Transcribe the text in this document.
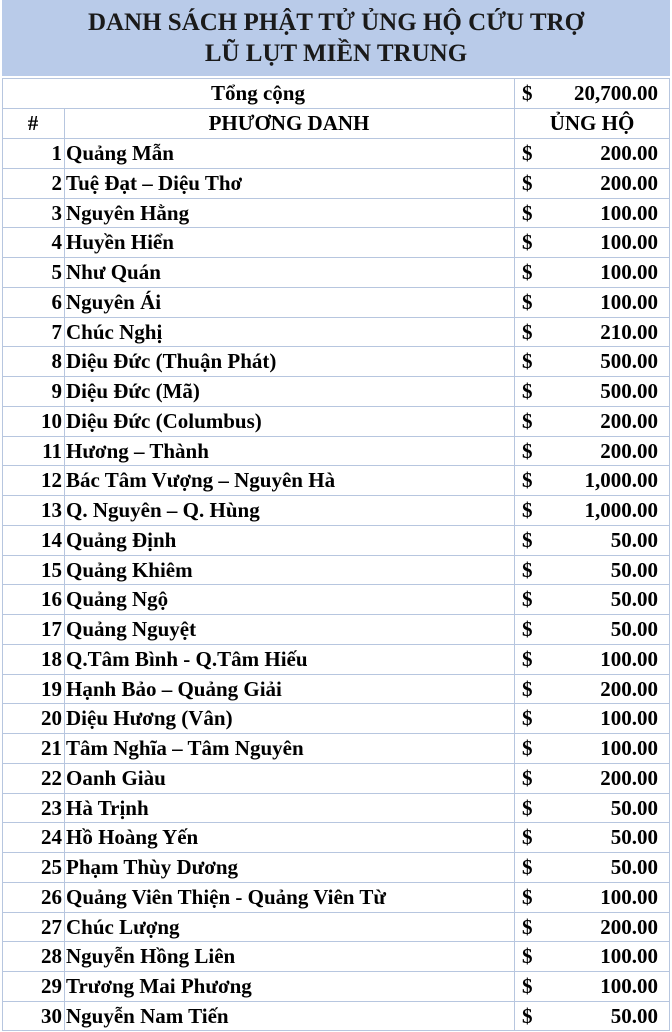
DANH SÁCH PHẬT TỬ ỦNG HỘ CỨU TRỢ
LŨ LỤT MIỀN TRUNG
Tổng cộng	$	20,700.00
#	PHƯƠNG DANH	ỦNG HỘ
1 Quảng Mẫn	$	200.00
2 Tuệ Đạt – Diệu Thơ	$	200.00
3 Nguyên Hằng	$	100.00
4 Huyền Hiển	$	100.00
5 Như Quán	$	100.00
6 Nguyên Ái	$	100.00
7 Chúc Nghị	$	210.00
8 Diệu Đức (Thuận Phát)	$	500.00
9 Diệu Đức (Mã)	$	500.00
10 Diệu Đức (Columbus)	$	200.00
11 Hương – Thành	$	200.00
12 Bác Tâm Vượng – Nguyên Hà	$	1,000.00
13 Q. Nguyên – Q. Hùng	$	1,000.00
14 Quảng Định	$	50.00
15 Quảng Khiêm	$	50.00
16 Quảng Ngộ	$	50.00
17 Quảng Nguyệt	$	50.00
18 Q.Tâm Bình - Q.Tâm Hiếu	$	100.00
19 Hạnh Bảo – Quảng Giải	$	200.00
20 Diệu Hương (Vân)	$	100.00
21 Tâm Nghĩa – Tâm Nguyên	$	100.00
22 Oanh Giàu	$	200.00
23 Hà Trịnh	$	50.00
24 Hồ Hoàng Yến	$	50.00
25 Phạm Thùy Dương	$	50.00
26 Quảng Viên Thiện - Quảng Viên Từ	$	100.00
27 Chúc Lượng	$	200.00
28 Nguyễn Hồng Liên	$	100.00
29 Trương Mai Phương	$	100.00
30 Nguyễn Nam Tiến	$	50.00
